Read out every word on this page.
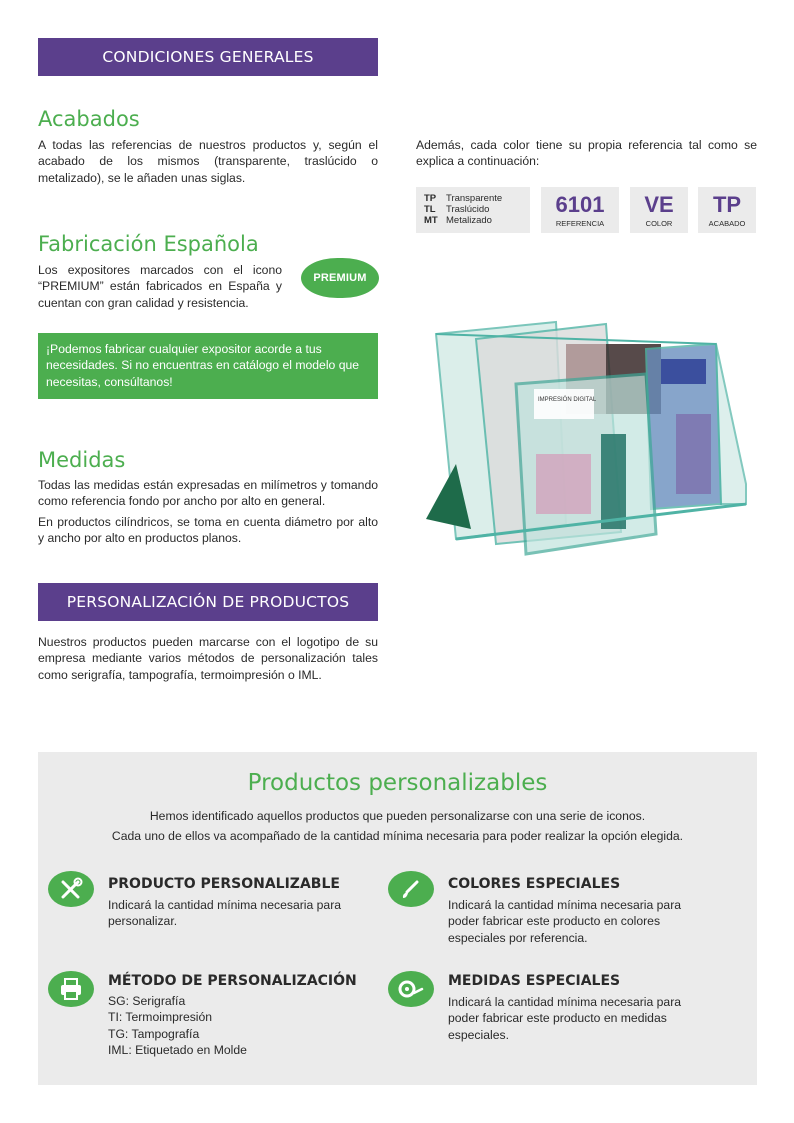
CONDICIONES GENERALES
Acabados
A todas las referencias de nuestros productos y, según el acabado de los mismos (transparente, traslúcido o metalizado), se le añaden unas siglas.
Fabricación Española
Los expositores marcados con el icono “PREMIUM” están fabricados en España y cuentan con gran calidad y resistencia.
PREMIUM
¡Podemos fabricar cualquier expositor acorde a tus necesidades. Si no encuentras en catálogo el modelo que necesitas, consúltanos!
Medidas

Todas las medidas están expresadas en milímetros y tomando como referencia fondo por ancho por alto en general.

En productos cilíndricos, se toma en cuenta diámetro por alto y ancho por alto en productos planos.

PERSONALIZACIÓN DE PRODUCTOS
Nuestros productos pueden marcarse con el logotipo de su empresa mediante varios métodos de personalización tales como serigrafía, tampografía, termoimpresión o IML.
Además, cada color tiene su propia referencia tal como se explica a continuación:
TP	Transparente
TL	Traslúcido
MT Metalizado
6101
REFERENCIA
VE
COLOR
TP
ACABADO
IMPRESIÓN DIGITAL
Productos personalizables
Hemos identificado aquellos productos que pueden personalizarse con una serie de iconos.
Cada uno de ellos va acompañado de la cantidad mínima necesaria para poder realizar la opción elegida.
PRODUCTO PERSONALIZABLE
Indicará la cantidad mínima necesaria para
personalizar.
COLORES ESPECIALES
Indicará la cantidad mínima necesaria para
poder fabricar este producto en colores
especiales por referencia.
MÉTODO DE PERSONALIZACIÓN
SG: Serigrafía
TI: Termoimpresión
TG: Tampografía
IML: Etiquetado en Molde
MEDIDAS ESPECIALES
Indicará la cantidad mínima necesaria para
poder fabricar este producto en medidas
especiales.
